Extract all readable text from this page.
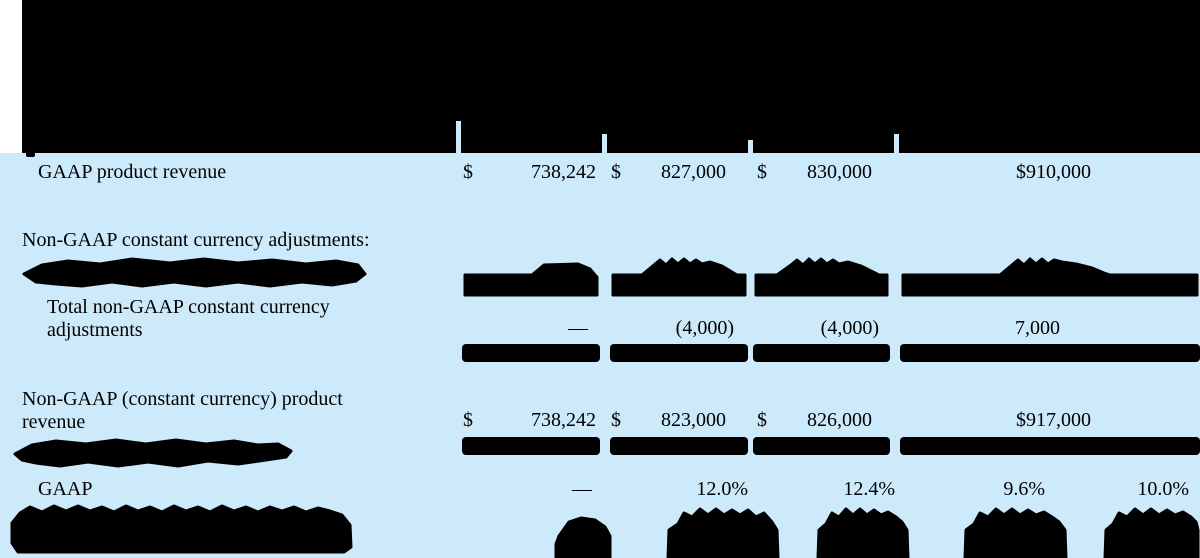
GAAP product revenue	$	738,242 $	827,000 $	830,000	$910,000
Non-GAAP constant currency adjustments:
Total non-GAAP constant currency
adjustments	—	(4,000)	(4,000)	7,000
Non-GAAP (constant currency) product
revenue	$	738,242 $	823,000 $	826,000	$917,000
GAAP	—	12.0%	12.4%	9.6%	10.0%
